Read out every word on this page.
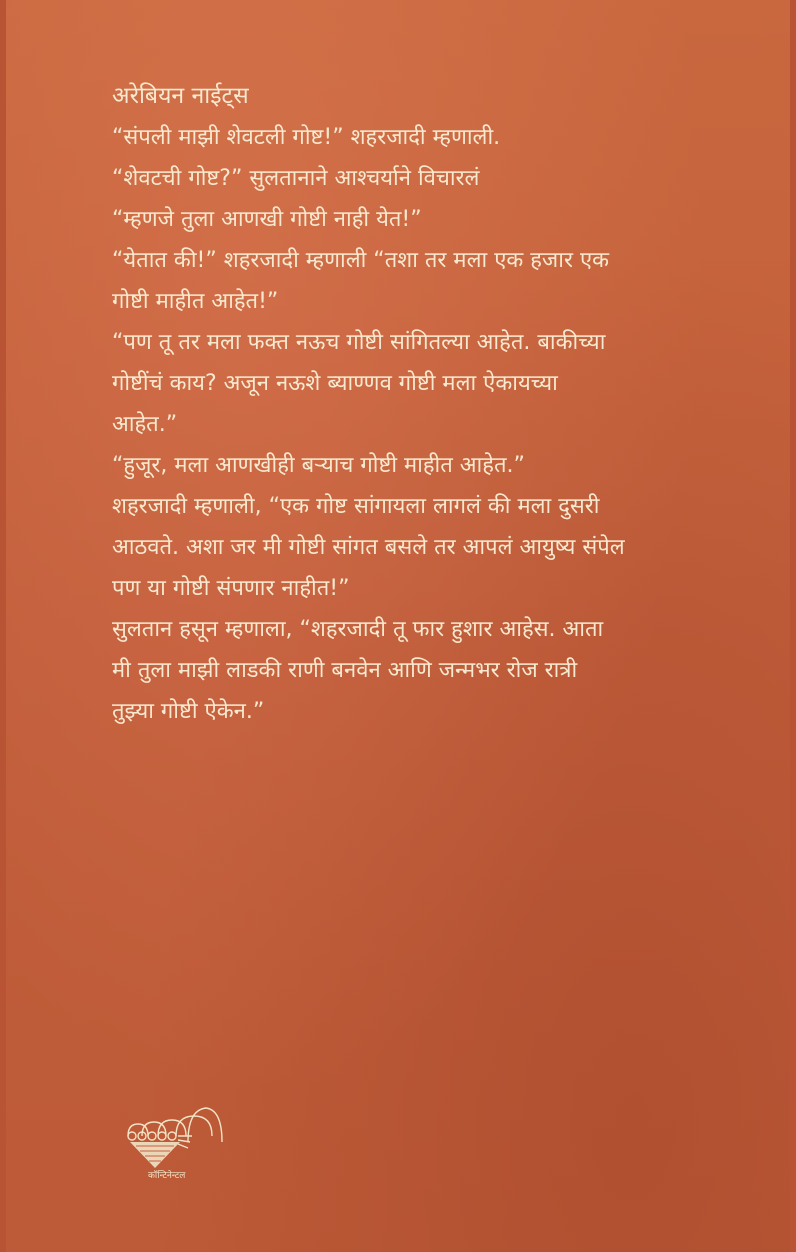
अरेबियन नाईट्स
“संपली माझी शेवटली गोष्ट!” शहरजादी म्हणाली.
“शेवटची गोष्ट?” सुलतानाने आश्चर्याने विचारलं
“म्हणजे तुला आणखी गोष्टी नाही येत!”
“येतात की!” शहरजादी म्हणाली “तशा तर मला एक हजार एक
गोष्टी माहीत आहेत!”
“पण तू तर मला फक्त नऊच गोष्टी सांगितल्या आहेत. बाकीच्या
गोष्टींचं काय? अजून नऊशे ब्याण्णव गोष्टी मला ऐकायच्या
आहेत.”
“हुजूर, मला आणखीही बऱ्याच गोष्टी माहीत आहेत.”
शहरजादी म्हणाली, “एक गोष्ट सांगायला लागलं की मला दुसरी
आठवते. अशा जर मी गोष्टी सांगत बसले तर आपलं आयुष्य संपेल
पण या गोष्टी संपणार नाहीत!”
सुलतान हसून म्हणाला, “शहरजादी तू फार हुशार आहेस. आता
मी तुला माझी लाडकी राणी बनवेन आणि जन्मभर रोज रात्री
तुझ्या गोष्टी ऐकेन.”
कॉन्टिनेन्टल
